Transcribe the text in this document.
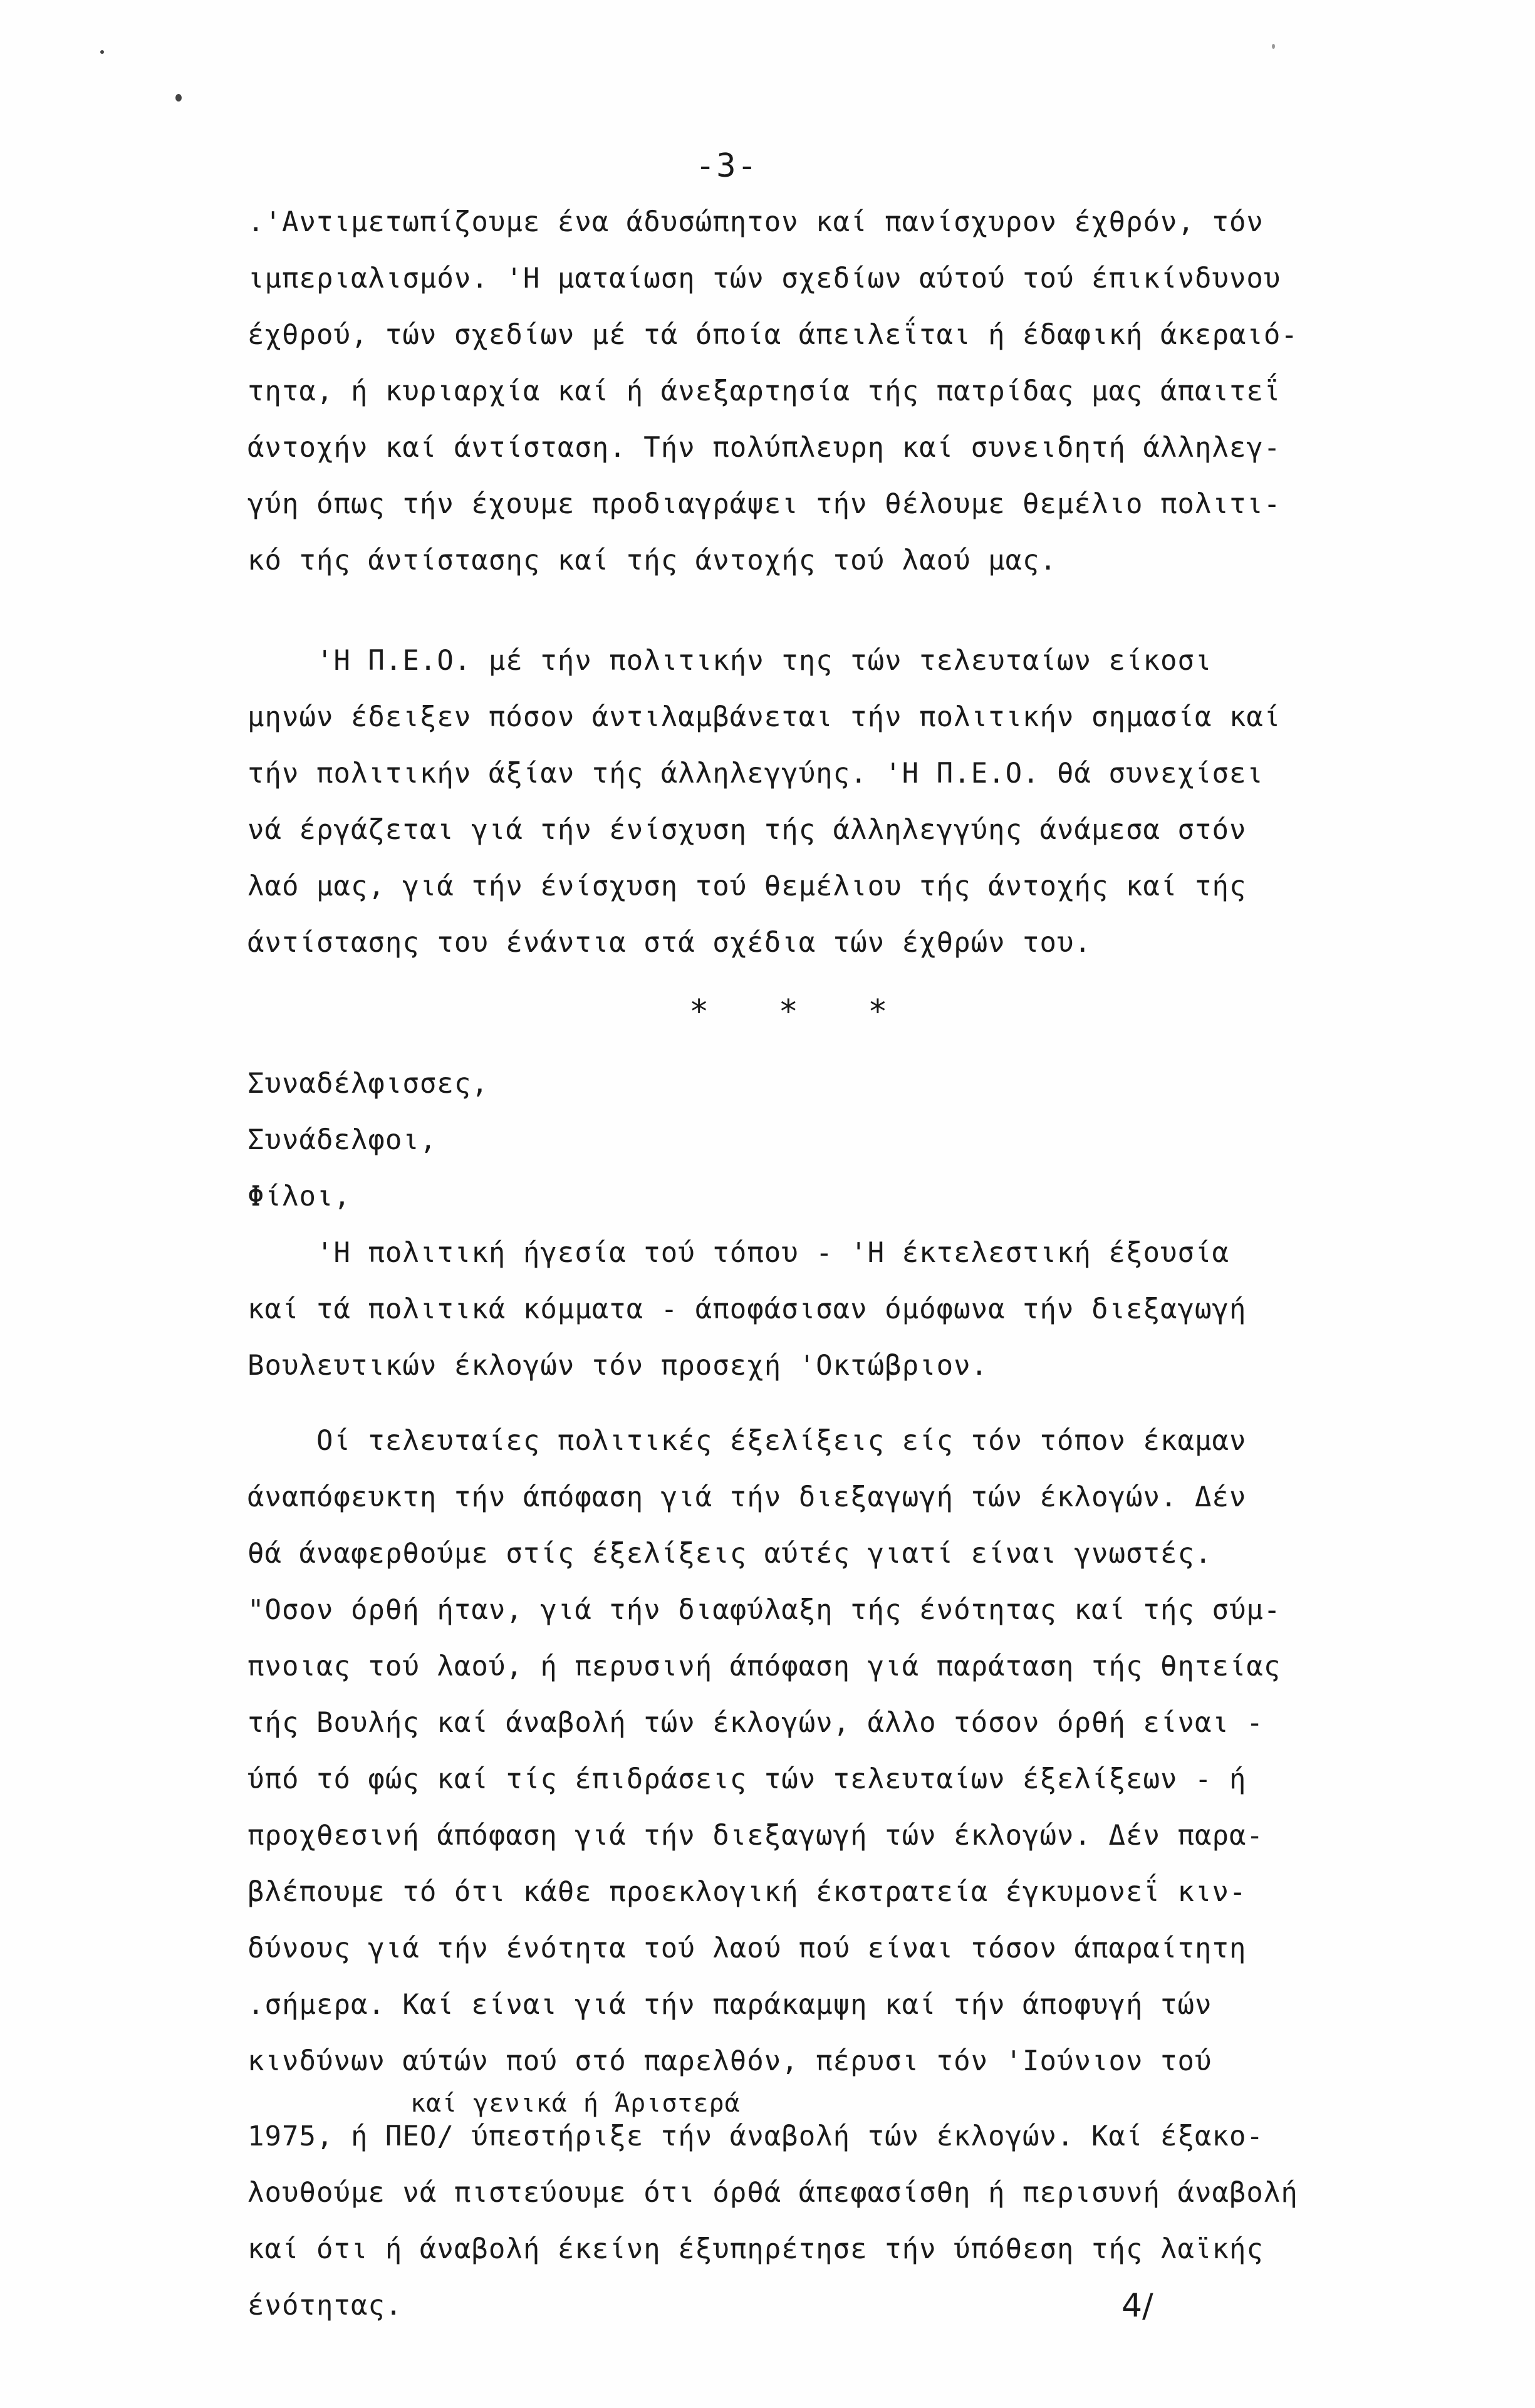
-3-
.'Αντιμετωπίζουμε ένα άδυσώπητον καί πανίσχυρον έχθρόν, τόν
ιμπεριαλισμόν. 'Η ματαίωση τών σχεδίων αύτού τού έπικίνδυνου
έχθρού, τών σχεδίων μέ τά όποία άπειλεΐται ή έδαφική άκεραιό-
τητα, ή κυριαρχία καί ή άνεξαρτησία τής πατρίδας μας άπαιτεΐ
άντοχήν καί άντίσταση. Τήν πολύπλευρη καί συνειδητή άλληλεγ-
γύη όπως τήν έχουμε προδιαγράψει τήν θέλουμε θεμέλιο πολιτι-
κό τής άντίστασης καί τής άντοχής τού λαού μας.
'Η Π.Ε.Ο. μέ τήν πολιτικήν της τών τελευταίων είκοσι
μηνών έδειξεν πόσον άντιλαμβάνεται τήν πολιτικήν σημασία καί
τήν πολιτικήν άξίαν τής άλληλεγγύης. 'Η Π.Ε.Ο. θά συνεχίσει
νά έργάζεται γιά τήν ένίσχυση τής άλληλεγγύης άνάμεσα στόν
λαό μας, γιά τήν ένίσχυση τού θεμέλιου τής άντοχής καί τής
άντίστασης του ένάντια στά σχέδια τών έχθρών του.
* * *
Συναδέλφισσες,
Συνάδελφοι,
Φίλοι,
'Η πολιτική ήγεσία τού τόπου - 'Η έκτελεστική έξουσία
καί τά πολιτικά κόμματα - άποφάσισαν όμόφωνα τήν διεξαγωγή
Βουλευτικών έκλογών τόν προσεχή 'Οκτώβριον.
Οί τελευταίες πολιτικές έξελίξεις είς τόν τόπον έκαμαν
άναπόφευκτη τήν άπόφαση γιά τήν διεξαγωγή τών έκλογών. Δέν
θά άναφερθούμε στίς έξελίξεις αύτές γιατί είναι γνωστές.
"Οσον όρθή ήταν, γιά τήν διαφύλαξη τής ένότητας καί τής σύμ-
πνοιας τού λαού, ή περυσινή άπόφαση γιά παράταση τής θητείας
τής Βουλής καί άναβολή τών έκλογών, άλλο τόσον όρθή είναι -
ύπό τό φώς καί τίς έπιδράσεις τών τελευταίων έξελίξεων - ή
προχθεσινή άπόφαση γιά τήν διεξαγωγή τών έκλογών. Δέν παρα-
βλέπουμε τό ότι κάθε προεκλογική έκστρατεία έγκυμονεΐ κιν-
δύνους γιά τήν ένότητα τού λαού πού είναι τόσον άπαραίτητη
.σήμερα. Καί είναι γιά τήν παράκαμψη καί τήν άποφυγή τών
κινδύνων αύτών πού στό παρελθόν, πέρυσι τόν 'Ιούνιον τού
καί γενικά ή Άριστερά
1975, ή ΠΕΟ/ ύπεστήριξε τήν άναβολή τών έκλογών. Καί έξακο-
λουθούμε νά πιστεύουμε ότι όρθά άπεφασίσθη ή περισυνή άναβολή
καί ότι ή άναβολή έκείνη έξυπηρέτησε τήν ύπόθεση τής λαϊκής
ένότητας.	4/
